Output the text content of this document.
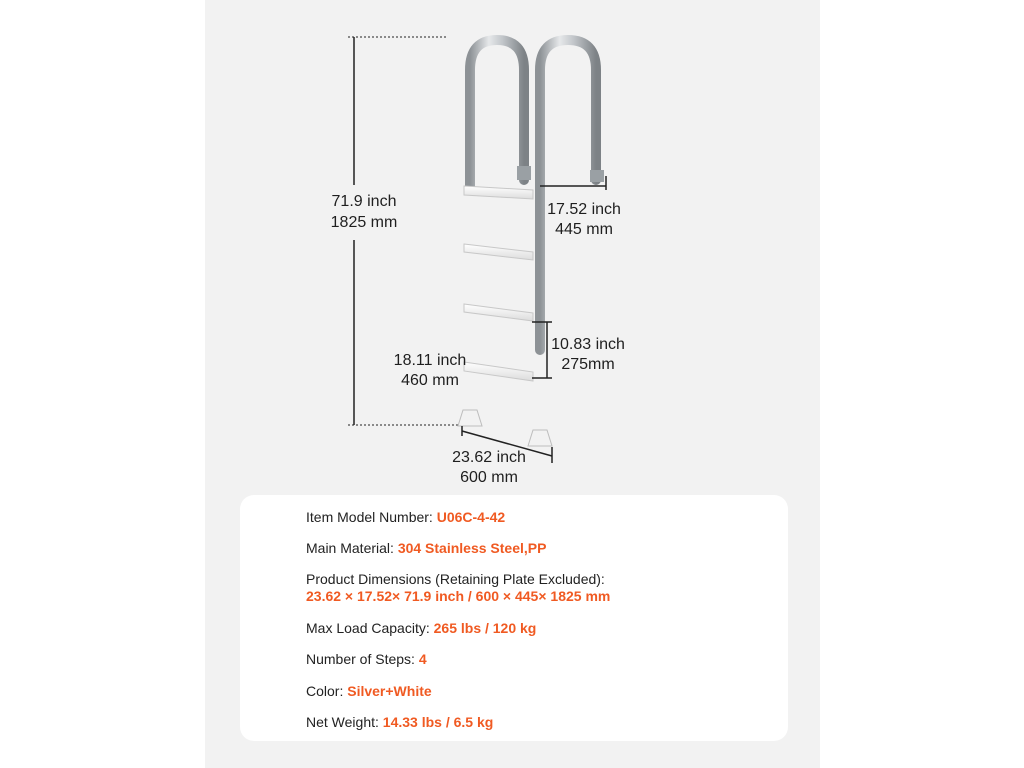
71.9 inch
1825 mm
17.52 inch
445 mm
10.83 inch
275mm
18.11 inch
460 mm
23.62 inch
600 mm
Item Model Number: U06C-4-42
Main Material: 304 Stainless Steel,PP
Product Dimensions (Retaining Plate Excluded):
23.62 × 17.52× 71.9 inch / 600 × 445× 1825 mm
Max Load Capacity: 265 lbs / 120 kg
Number of Steps: 4
Color: Silver+White
Net Weight: 14.33 lbs / 6.5 kg
